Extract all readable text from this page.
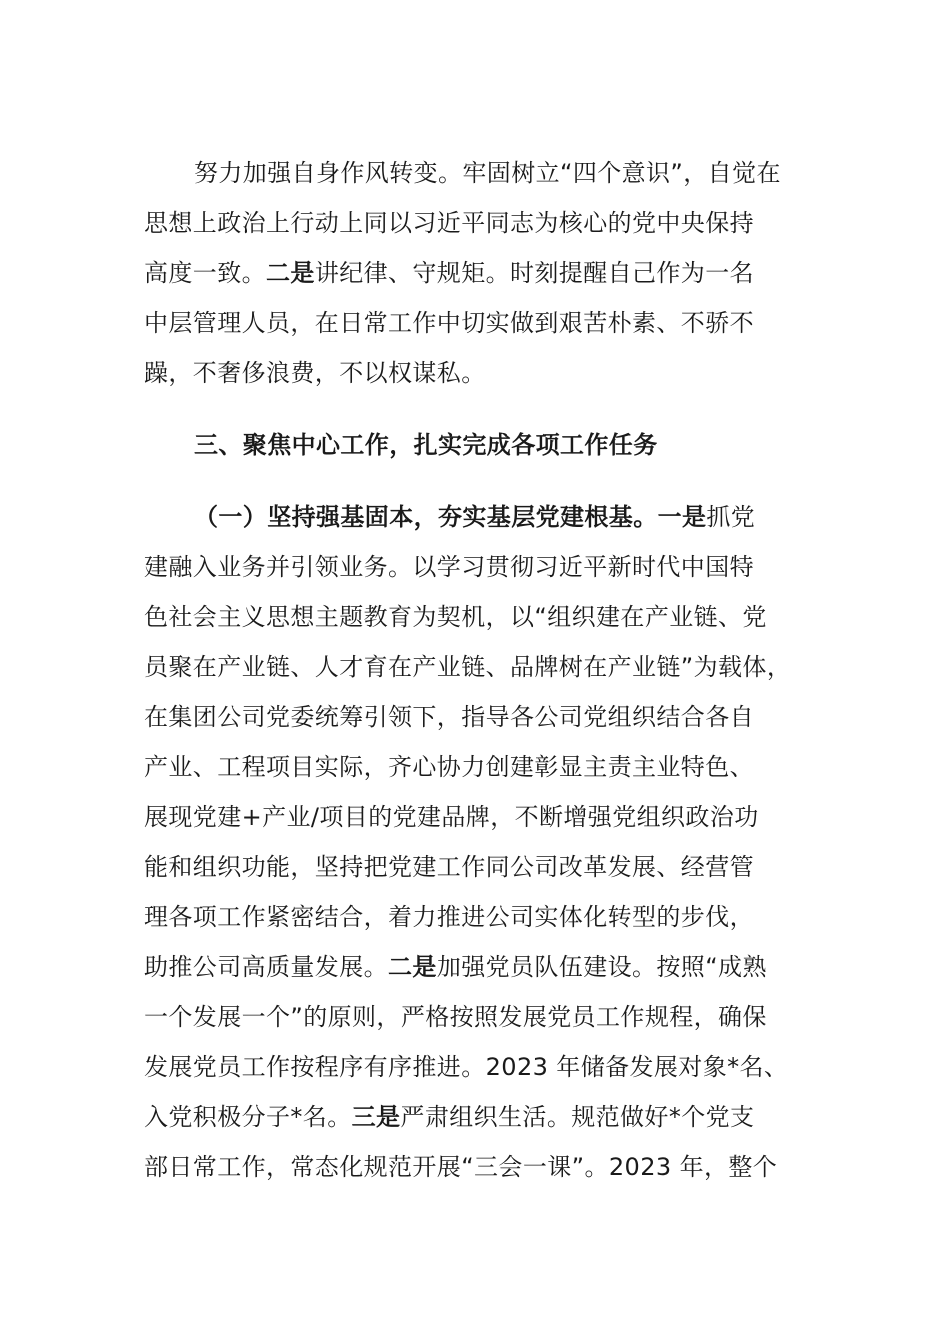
努力加强自身作风转变。牢固树立“四个意识”，自觉在
思想上政治上行动上同以习近平同志为核心的党中央保持
高度一致。二是讲纪律、守规矩。时刻提醒自己作为一名
中层管理人员，在日常工作中切实做到艰苦朴素、不骄不
躁，不奢侈浪费，不以权谋私。
三、聚焦中心工作，扎实完成各项工作任务
（一）坚持强基固本，夯实基层党建根基。一是抓党
建融入业务并引领业务。以学习贯彻习近平新时代中国特
色社会主义思想主题教育为契机，以“组织建在产业链、党
员聚在产业链、人才育在产业链、品牌树在产业链”为载体，
在集团公司党委统筹引领下，指导各公司党组织结合各自
产业、工程项目实际，齐心协力创建彰显主责主业特色、
展现党建+产业/项目的党建品牌，不断增强党组织政治功
能和组织功能，坚持把党建工作同公司改革发展、经营管
理各项工作紧密结合，着力推进公司实体化转型的步伐，
助推公司高质量发展。二是加强党员队伍建设。按照“成熟
一个发展一个”的原则，严格按照发展党员工作规程，确保
发展党员工作按程序有序推进。2023 年储备发展对象*名、
入党积极分子*名。三是严肃组织生活。规范做好*个党支
部日常工作，常态化规范开展“三会一课”。2023 年，整个
